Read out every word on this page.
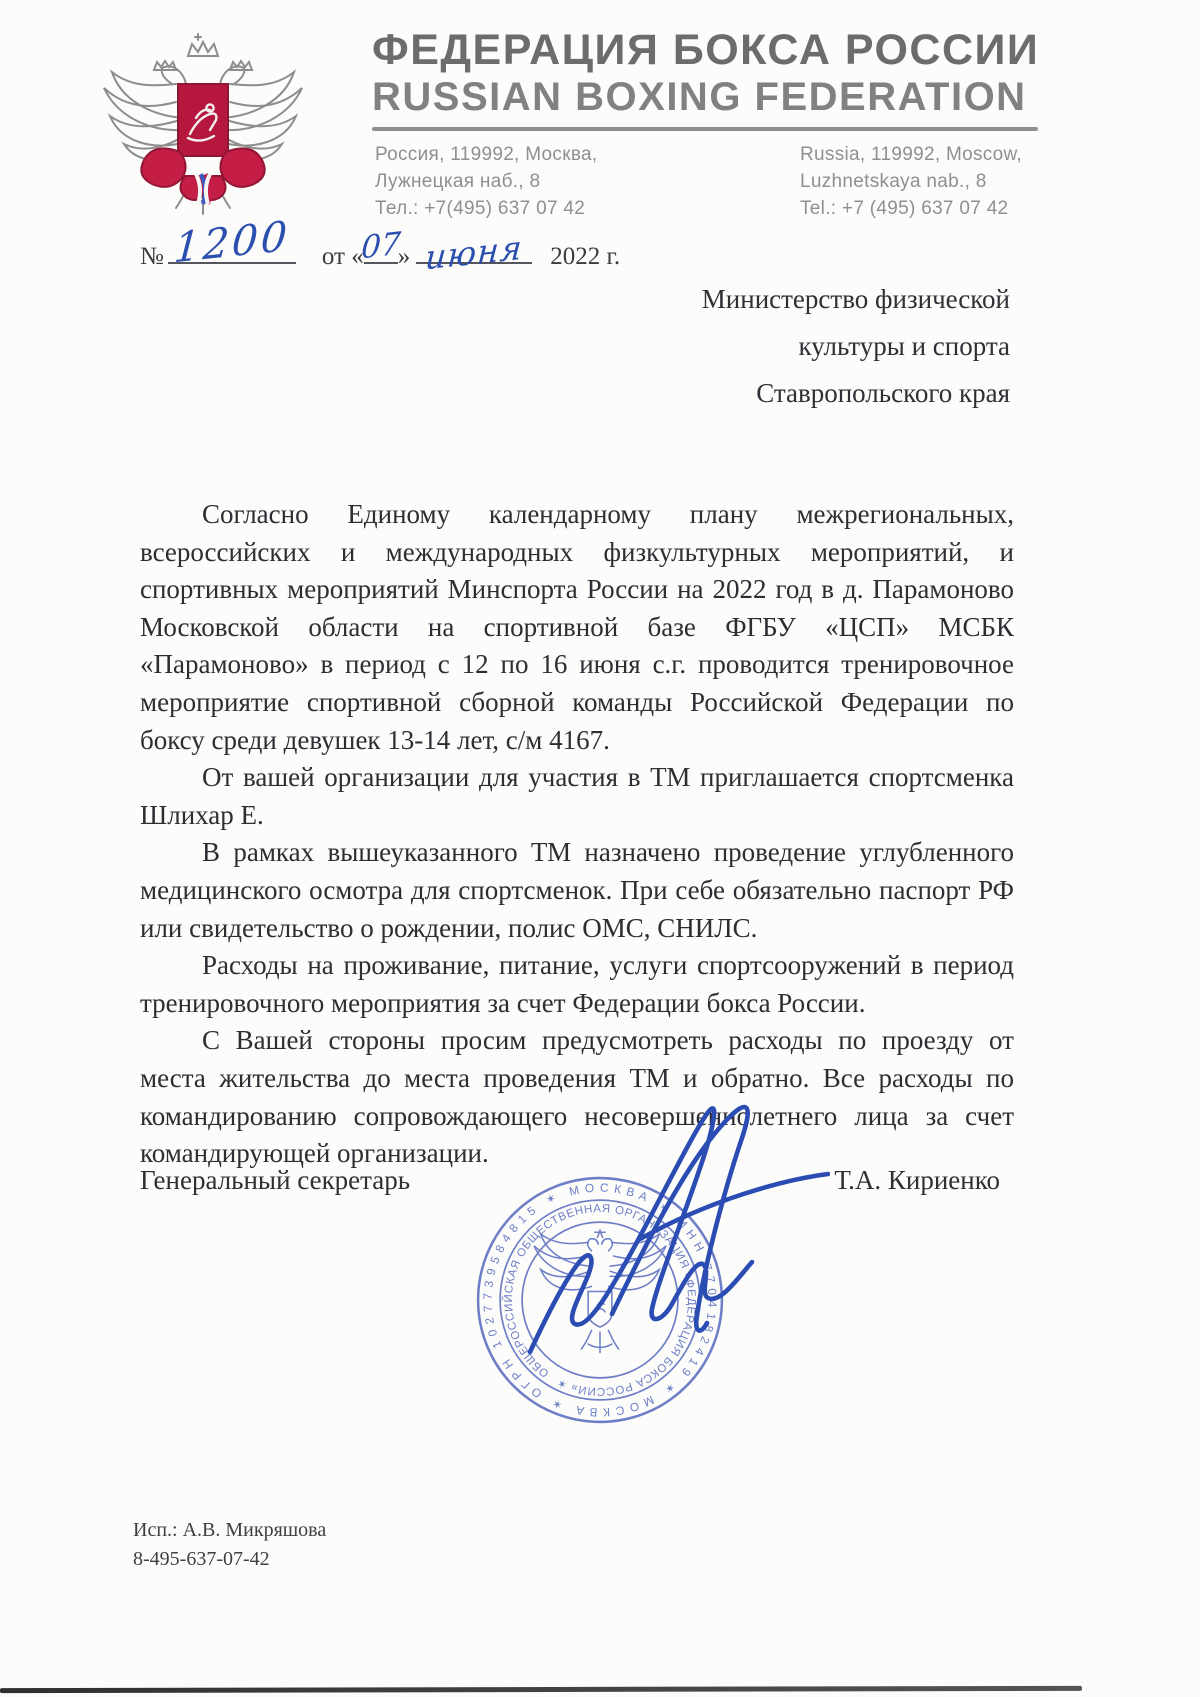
ФЕДЕРАЦИЯ БОКСА РОССИИ
RUSSIAN BOXING FEDERATION
Россия, 119992, Москва,
Лужнецкая наб., 8
Тел.: +7(495) 637 07 42
Russia, 119992, Moscow,
Luzhnetskaya nab., 8
Tel.: +7 (495) 637 07 42
№ 1200 от «
07
» июня 2022 г.
Министерство физической
культуры и спорта
Ставропольского края

Согласно Единому календарному плану межрегиональных, всероссийских и международных физкультурных мероприятий, и спортивных мероприятий Минспорта России на 2022 год в д. Парамоново Московской области на спортивной базе ФГБУ «ЦСП» МСБК «Парамоново» в период с 12 по 16 июня с.г. проводится тренировочное мероприятие спортивной сборной команды Российской Федерации по боксу среди девушек 13-14 лет, с/м 4167.

От вашей организации для участия в ТМ приглашается спортсменка Шлихар Е.

В рамках вышеуказанного ТМ назначено проведение углубленного медицинского осмотра для спортсменок. При себе обязательно паспорт РФ или свидетельство о рождении, полис ОМС, СНИЛС.

Расходы на проживание, питание, услуги спортсооружений в период тренировочного мероприятия за счет Федерации бокса России.

С Вашей стороны просим предусмотреть расходы по проезду от места жительства до места проведения ТМ и обратно. Все расходы по командированию сопровождающего несовершеннолетнего лица за счет командирующей организации.

Генеральный секретарь	Т.А. Кириенко
ОГРН 1027739584815 ✶ МОСКВА ✶ ИНН 7704182419 ✶ МОСКВА ✶
ОБЩЕРОССИЙСКАЯ ОБЩЕСТВЕННАЯ ОРГАНИЗАЦИЯ «ФЕДЕРАЦИЯ БОКСА РОССИИ» ✶
Исп.: А.В. Микряшова
8-495-637-07-42
